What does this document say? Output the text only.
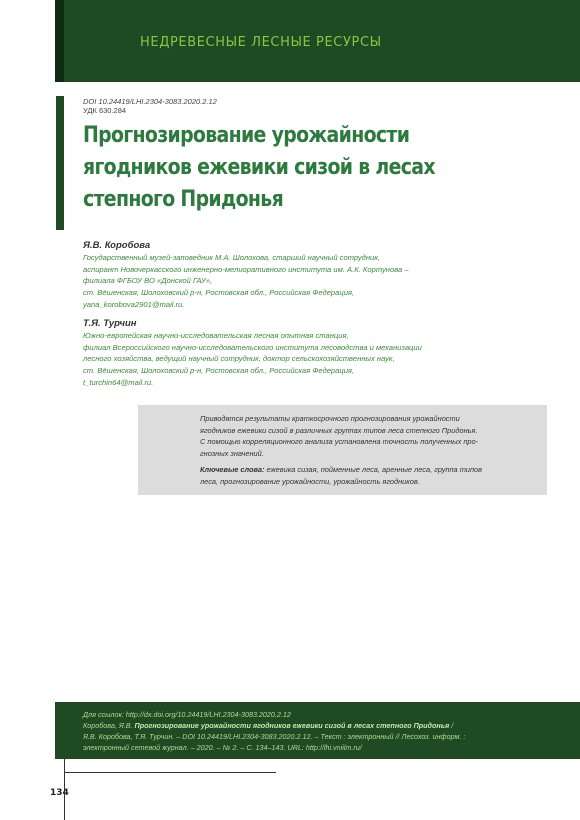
НЕДРЕВЕСНЫЕ ЛЕСНЫЕ РЕСУРСЫ
DOI 10.24419/LHI.2304-3083.2020.2.12
УДК 630.284
Прогнозирование урожайности
ягодников ежевики сизой в лесах
степного Придонья
Я.В. Коробова
Государственный музей-заповедник М.А. Шолохова, старший научный сотрудник,
аспирант Новочеркасского инженерно-мелиоративного института им. А.К. Кортунова –
филиала ФГБОУ ВО «Донской ГАУ»,
ст. Вёшенская, Шолоховский р-н, Ростовская обл., Российская Федерация,
yana_korobova2901@mail.ru.
Т.Я. Турчин
Южно-европейская научно-исследовательская лесная опытная станция,
филиал Всероссийского научно-исследовательского института лесоводства и механизации
лесного хозяйства, ведущий научный сотрудник, доктор сельскохозяйственных наук,
ст. Вёшенская, Шолоховский р-н, Ростовская обл., Российская Федерация,
t_turchin64@mail.ru.
Приводятся результаты краткосрочного прогнозирования урожайности
ягодников ежевики сизой в различных группах типов леса степного Придонья.
С помощью корреляционного анализа установлена точность полученных про-
гнозных значений.
Ключевые слова: ежевика сизая, пойменные леса, аренные леса, группа типов
леса, прогнозирование урожайности, урожайность ягодников.
Для ссылок: http://dx.doi.org/10.24419/LHI.2304-3083.2020.2.12
Коробова, Я.В. Прогнозирование урожайности ягодников ежевики сизой в лесах степного Придонья /
Я.В. Коробова, Т.Я. Турчин. – DOI 10.24419/LHI.2304-3083.2020.2.12. – Текст : электронный // Лесохоз. информ. :
электронный сетевой журнал. – 2020. – № 2. – С. 134–143. URL: http://lhi.vniilm.ru/
134
